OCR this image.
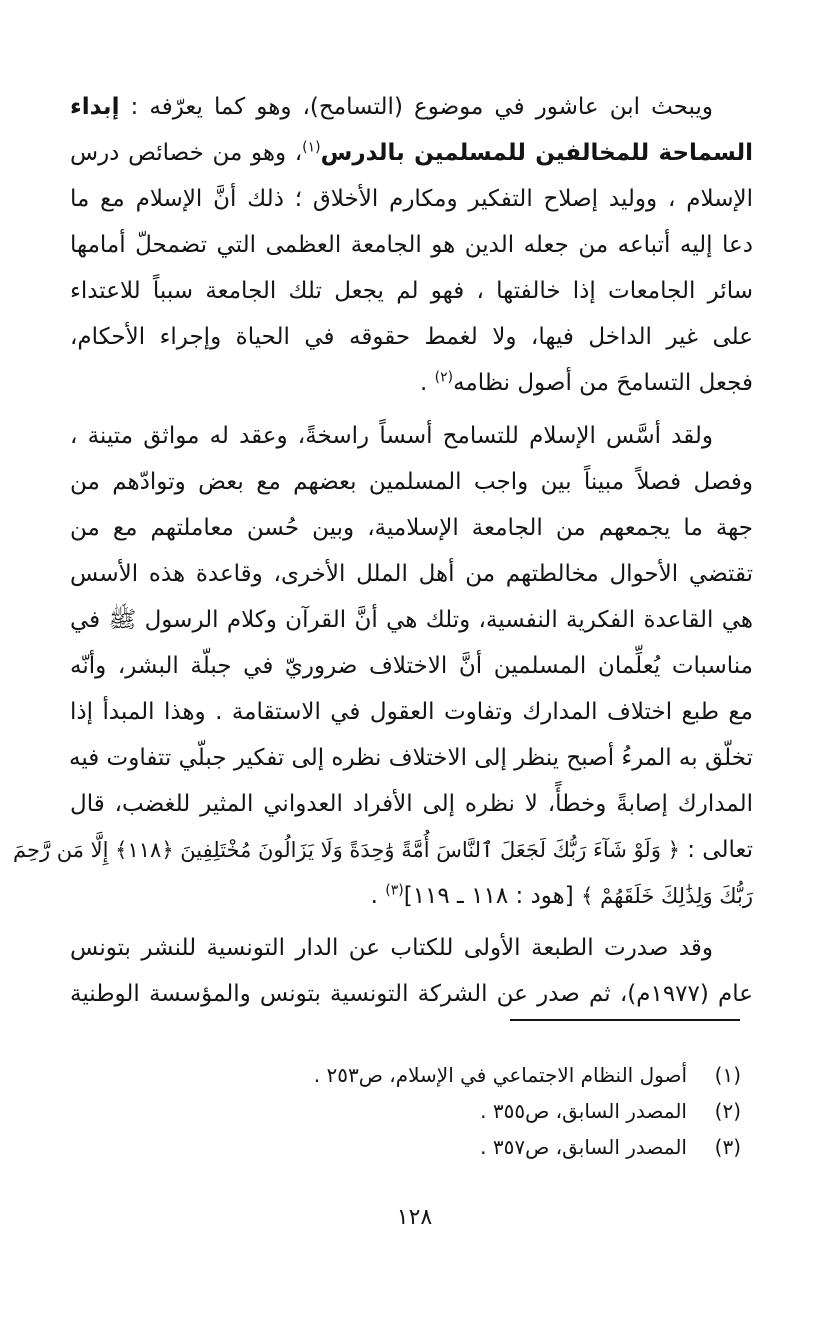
ويبحث ابن عاشور في موضوع (التسامح)، وهو كما يعرّفه : إبداء
السماحة للمخالفين للمسلمين بالدرس$^{(١)}$، وهو من خصائص درس
الإسلام ، ووليد إصلاح التفكير ومكارم الأخلاق ؛ ذلك أنَّ الإسلام مع ما
دعا إليه أتباعه من جعله الدين هو الجامعة العظمى التي تضمحلّ أمامها
سائر الجامعات إذا خالفتها ، فهو لم يجعل تلك الجامعة سبباً للاعتداء
على غير الداخل فيها، ولا لغمط حقوقه في الحياة وإجراء الأحكام،
فجعل التسامحَ من أصول نظامه$^{(٢)}$ .
ولقد أسَّس الإسلام للتسامح أسساً راسخةً، وعقد له مواثق متينة ،
وفصل فصلاً مبيناً بين واجب المسلمين بعضهم مع بعض وتوادّهم من
جهة ما يجمعهم من الجامعة الإسلامية، وبين حُسن معاملتهم مع من
تقتضي الأحوال مخالطتهم من أهل الملل الأخرى، وقاعدة هذه الأسس
هي القاعدة الفكرية النفسية، وتلك هي أنَّ القرآن وكلام الرسول ﷺ في
مناسبات يُعلِّمان المسلمين أنَّ الاختلاف ضروريّ في جبلّة البشر، وأنّه
مع طبع اختلاف المدارك وتفاوت العقول في الاستقامة . وهذا المبدأ إذا
تخلّق به المرءُ أصبح ينظر إلى الاختلاف نظره إلى تفكير جبلّي تتفاوت فيه
المدارك إصابةً وخطأً، لا نظره إلى الأفراد العدواني المثير للغضب، قال
تعالى : ﴿ وَلَوْ شَآءَ رَبُّكَ لَجَعَلَ ٱلنَّاسَ أُمَّةً وَٰحِدَةً وَلَا يَزَالُونَ مُخْتَلِفِينَ ﴿١١٨﴾ إِلَّا مَن رَّحِمَ
رَبُّكَ وَلِذَٰلِكَ خَلَقَهُمْ ﴾ [هود : ١١٨ ـ ١١٩]$^{(٣)}$ .
وقد صدرت الطبعة الأولى للكتاب عن الدار التونسية للنشر بتونس
عام (١٩٧٧م)، ثم صدر عن الشركة التونسية بتونس والمؤسسة الوطنية
(١)أصول النظام الاجتماعي في الإسلام، ص٢٥٣ .
(٢)المصدر السابق، ص٣٥٥ .
(٣)المصدر السابق، ص٣٥٧ .
١٢٨
